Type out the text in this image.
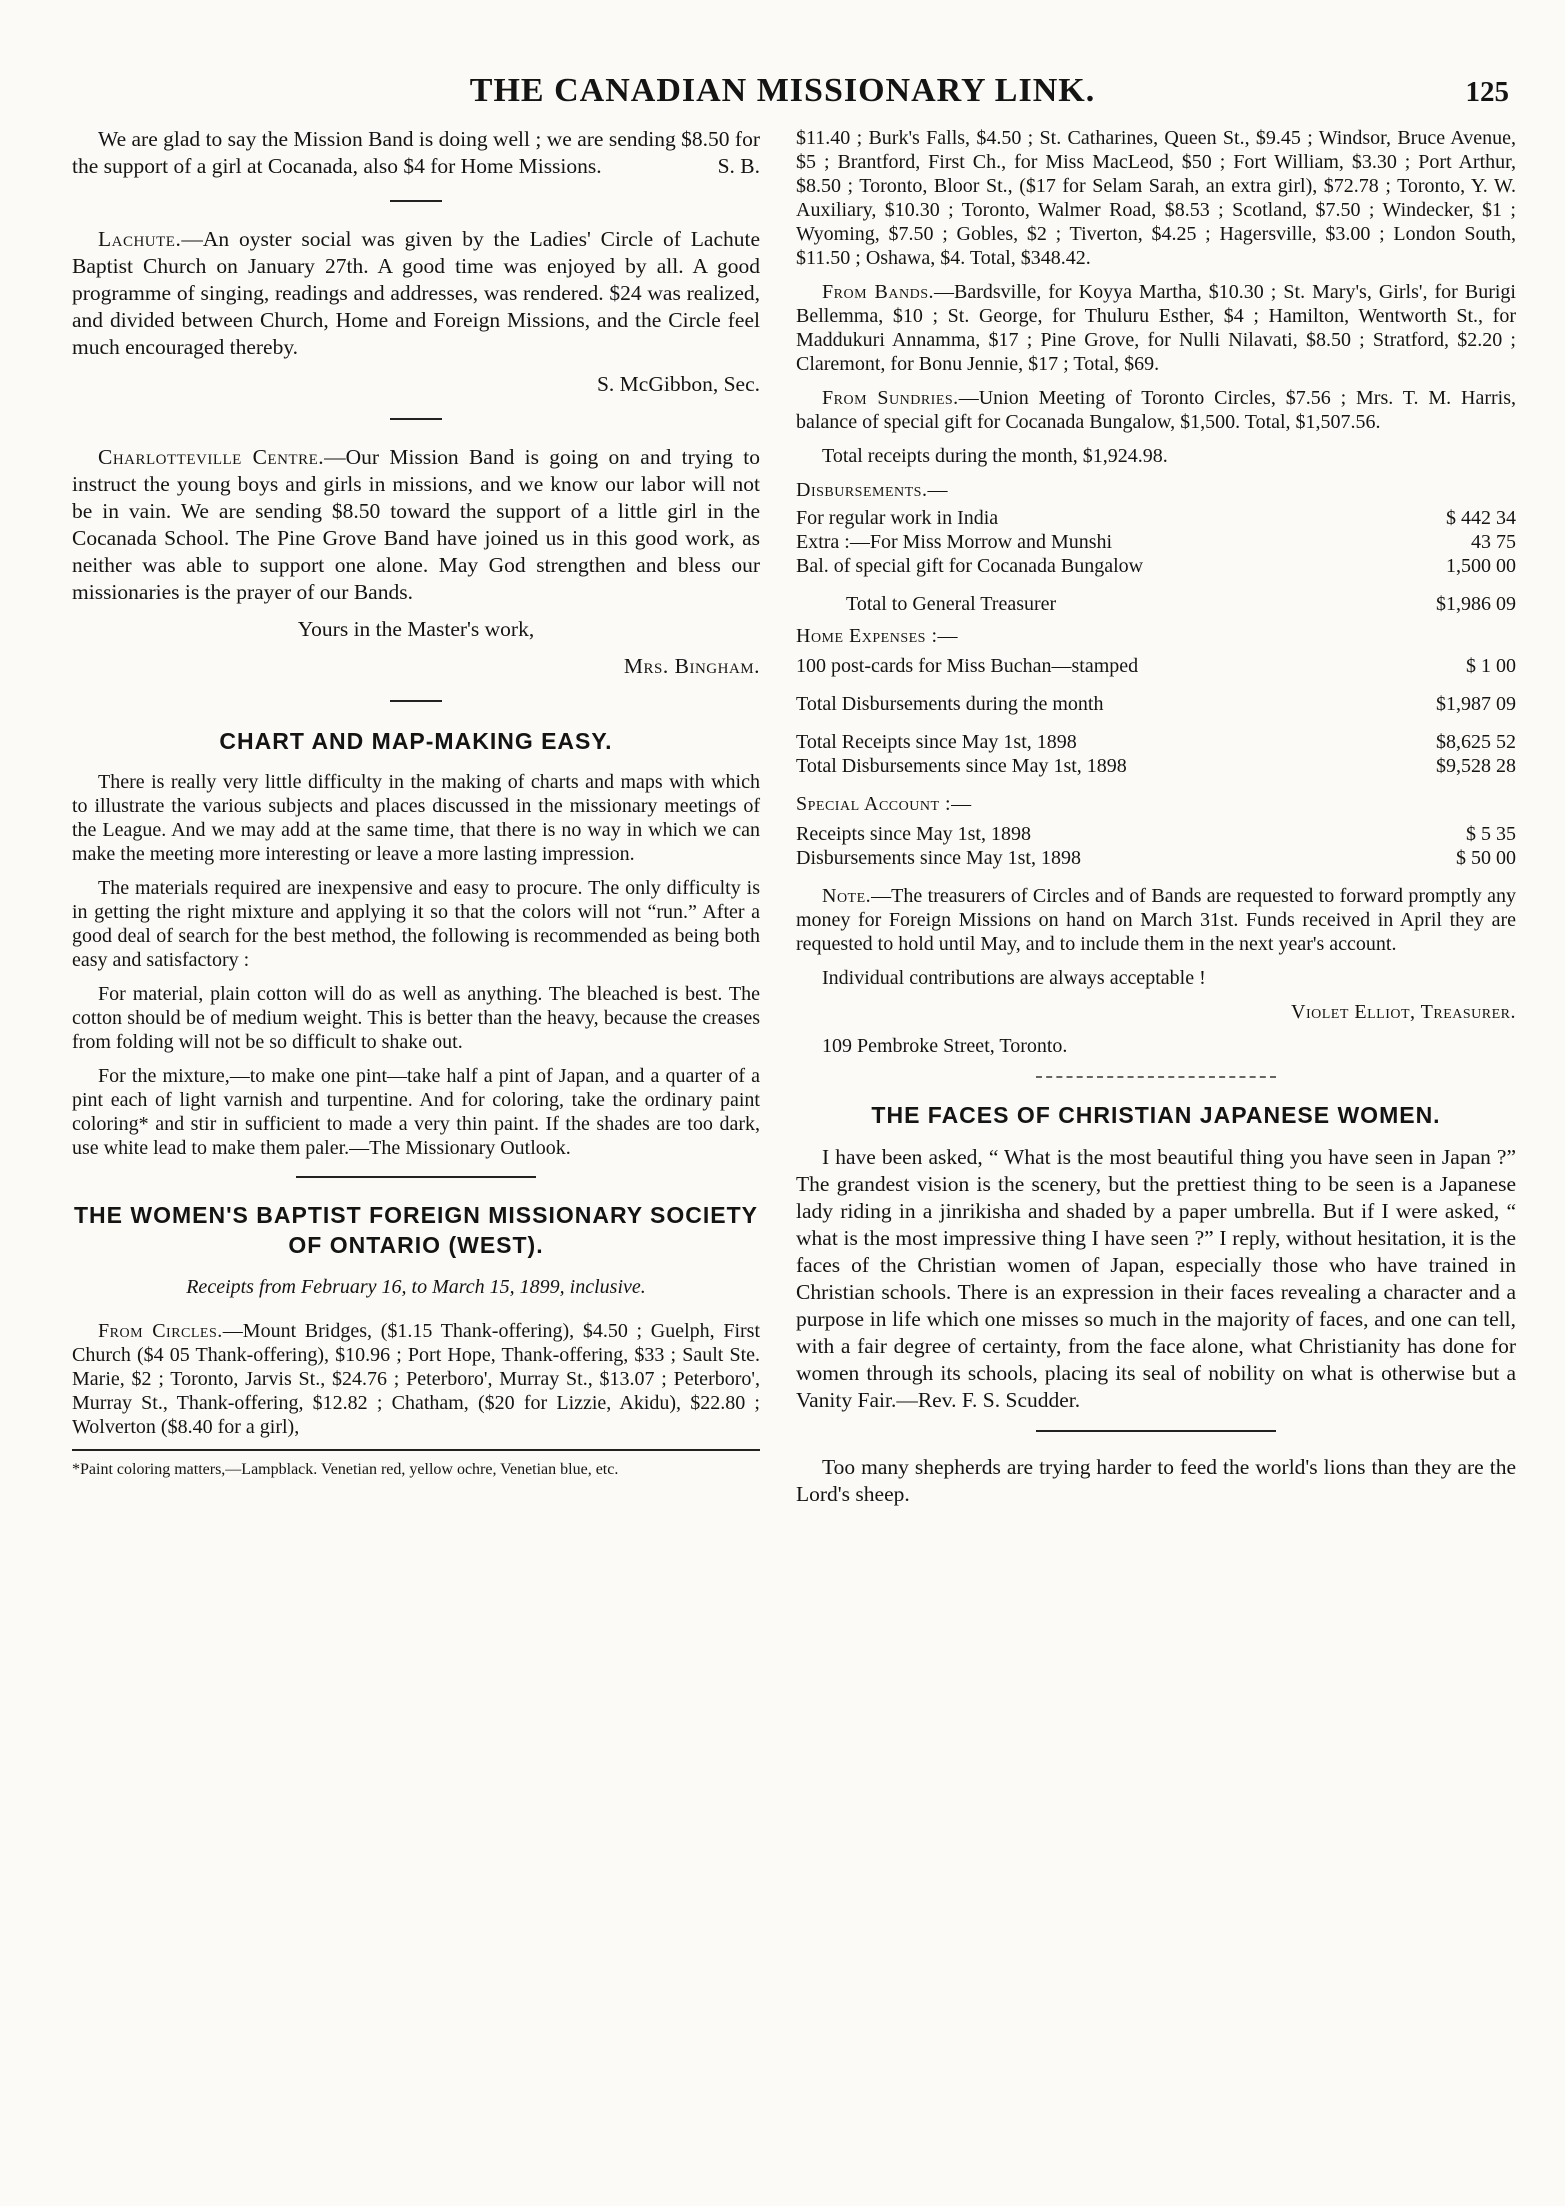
THE CANADIAN MISSIONARY LINK.	125

We are glad to say the Mission Band is doing well ; we are sending $8.50 for the support of a girl at Cocanada, also $4 for Home Missions.	S. B.

Lachute.—An oyster social was given by the Ladies' Circle of Lachute Baptist Church on January 27th. A good time was enjoyed by all. A good programme of singing, readings and addresses, was rendered. $24 was realized, and divided between Church, Home and Foreign Missions, and the Circle feel much encouraged thereby.

S. McGibbon, Sec.

Charlotteville Centre.—Our Mission Band is going on and trying to instruct the young boys and girls in missions, and we know our labor will not be in vain. We are sending $8.50 toward the support of a little girl in the Cocanada School. The Pine Grove Band have joined us in this good work, as neither was able to support one alone. May God strengthen and bless our missionaries is the prayer of our Bands.

Yours in the Master's work,

Mrs. Bingham.

CHART AND MAP-MAKING EASY.

There is really very little difficulty in the making of charts and maps with which to illustrate the various subjects and places discussed in the missionary meetings of the League. And we may add at the same time, that there is no way in which we can make the meeting more interesting or leave a more lasting impression.

The materials required are inexpensive and easy to procure. The only difficulty is in getting the right mixture and applying it so that the colors will not “run.” After a good deal of search for the best method, the following is recommended as being both easy and satisfactory :

For material, plain cotton will do as well as anything. The bleached is best. The cotton should be of medium weight. This is better than the heavy, because the creases from folding will not be so difficult to shake out.

For the mixture,—to make one pint—take half a pint of Japan, and a quarter of a pint each of light varnish and turpentine. And for coloring, take the ordinary paint coloring* and stir in sufficient to made a very thin paint. If the shades are too dark, use white lead to make them paler.—The Missionary Outlook.

THE WOMEN'S BAPTIST FOREIGN MISSIONARY SOCIETY OF ONTARIO (WEST).
Receipts from February 16, to March 15, 1899, inclusive.

From Circles.—Mount Bridges, ($1.15 Thank-offering), $4.50 ; Guelph, First Church ($4 05 Thank-offering), $10.96 ; Port Hope, Thank-offering, $33 ; Sault Ste. Marie, $2 ; Toronto, Jarvis St., $24.76 ; Peterboro', Murray St., $13.07 ; Peterboro', Murray St., Thank-offering, $12.82 ; Chatham, ($20 for Lizzie, Akidu), $22.80 ; Wolverton ($8.40 for a girl),

*Paint coloring matters,—Lampblack. Venetian red, yellow ochre, Venetian blue, etc.

$11.40 ; Burk's Falls, $4.50 ; St. Catharines, Queen St., $9.45 ; Windsor, Bruce Avenue, $5 ; Brantford, First Ch., for Miss MacLeod, $50 ; Fort William, $3.30 ; Port Arthur, $8.50 ; Toronto, Bloor St., ($17 for Selam Sarah, an extra girl), $72.78 ; Toronto, Y. W. Auxiliary, $10.30 ; Toronto, Walmer Road, $8.53 ; Scotland, $7.50 ; Windecker, $1 ; Wyoming, $7.50 ; Gobles, $2 ; Tiverton, $4.25 ; Hagersville, $3.00 ; London South, $11.50 ; Oshawa, $4. Total, $348.42.

From Bands.—Bardsville, for Koyya Martha, $10.30 ; St. Mary's, Girls', for Burigi Bellemma, $10 ; St. George, for Thuluru Esther, $4 ; Hamilton, Wentworth St., for Maddukuri Annamma, $17 ; Pine Grove, for Nulli Nilavati, $8.50 ; Stratford, $2.20 ; Claremont, for Bonu Jennie, $17 ; Total, $69.

From Sundries.—Union Meeting of Toronto Circles, $7.56 ; Mrs. T. M. Harris, balance of special gift for Cocanada Bungalow, $1,500. Total, $1,507.56.

Total receipts during the month, $1,924.98.

Disbursements.—

For regular work in India	$ 442 34
Extra :—For Miss Morrow and Munshi	43 75
Bal. of special gift for Cocanada Bungalow	1,500 00

Total to General Treasurer	$1,986 09

Home Expenses :—

100 post-cards for Miss Buchan—stamped	$ 1 00

Total Disbursements during the month	$1,987 09

Total Receipts since May 1st, 1898	$8,625 52
Total Disbursements since May 1st, 1898	$9,528 28

Special Account :—

Receipts since May 1st, 1898	$ 5 35
Disbursements since May 1st, 1898	$ 50 00

Note.—The treasurers of Circles and of Bands are requested to forward promptly any money for Foreign Missions on hand on March 31st. Funds received in April they are requested to hold until May, and to include them in the next year's account.

Individual contributions are always acceptable !

Violet Elliot, Treasurer.

109 Pembroke Street, Toronto.

THE FACES OF CHRISTIAN JAPANESE WOMEN.

I have been asked, “ What is the most beautiful thing you have seen in Japan ?” The grandest vision is the scenery, but the prettiest thing to be seen is a Japanese lady riding in a jinrikisha and shaded by a paper umbrella. But if I were asked, “ what is the most impressive thing I have seen ?” I reply, without hesitation, it is the faces of the Christian women of Japan, especially those who have trained in Christian schools. There is an expression in their faces revealing a character and a purpose in life which one misses so much in the majority of faces, and one can tell, with a fair degree of certainty, from the face alone, what Christianity has done for women through its schools, placing its seal of nobility on what is otherwise but a Vanity Fair.—Rev. F. S. Scudder.

Too many shepherds are trying harder to feed the world's lions than they are the Lord's sheep.
